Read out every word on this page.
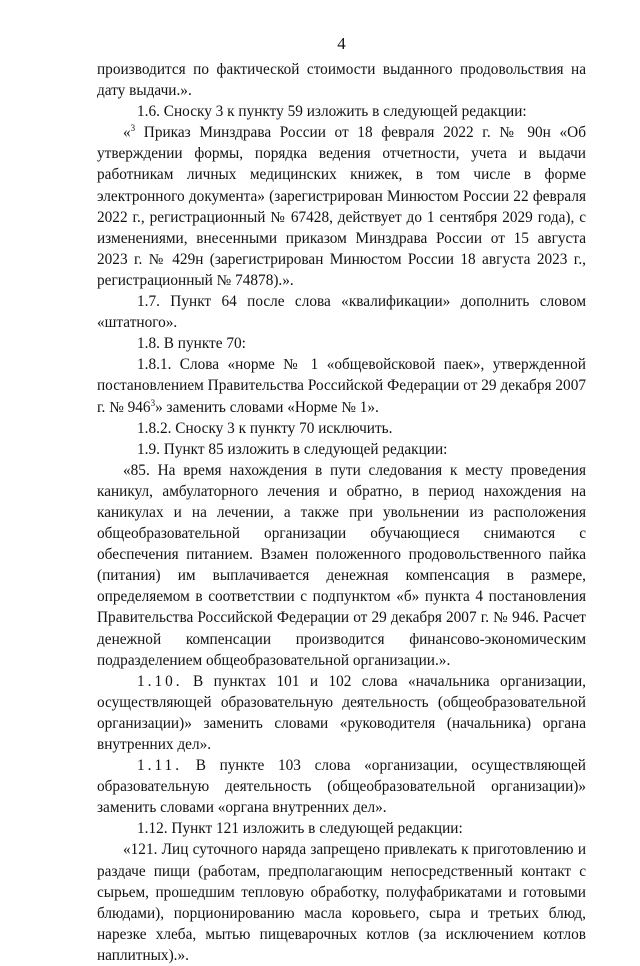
4

производится по фактической стоимости выданного продовольствия на дату выдачи.».

1.6. Сноску 3 к пункту 59 изложить в следующей редакции:

«$^3$ Приказ Минздрава России от 18 февраля 2022 г. № 90н «Об утверждении формы, порядка ведения отчетности, учета и выдачи работникам личных медицинских книжек, в том числе в форме электронного документа» (зарегистрирован Минюстом России 22 февраля 2022 г., регистрационный № 67428, действует до 1 сентября 2029 года), с изменениями, внесенными приказом Минздрава России от 15 августа 2023 г. № 429н (зарегистрирован Минюстом России 18 августа 2023 г., регистрационный № 74878).».

1.7. Пункт 64 после слова «квалификации» дополнить словом «штатного».

1.8. В пункте 70:

1.8.1. Слова «норме № 1 «общевойсковой паек», утвержденной постановлением Правительства Российской Федерации от 29 декабря 2007 г. № $946^3$» заменить словами «Норме № 1».

1.8.2. Сноску 3 к пункту 70 исключить.

1.9. Пункт 85 изложить в следующей редакции:

«85. На время нахождения в пути следования к месту проведения каникул, амбулаторного лечения и обратно, в период нахождения на каникулах и на лечении, а также при увольнении из расположения общеобразовательной организации обучающиеся снимаются с обеспечения питанием. Взамен положенного продовольственного пайка (питания) им выплачивается денежная компенсация в размере, определяемом в соответствии с подпунктом «б» пункта 4 постановления Правительства Российской Федерации от 29 декабря 2007 г. № 946. Расчет денежной компенсации производится финансово-экономическим подразделением общеобразовательной организации.».

1.10. В пунктах 101 и 102 слова «начальника организации, осуществляющей образовательную деятельность (общеобразовательной организации)» заменить словами «руководителя (начальника) органа внутренних дел».

1.11. В пункте 103 слова «организации, осуществляющей образовательную деятельность (общеобразовательной организации)» заменить словами «органа внутренних дел».

1.12. Пункт 121 изложить в следующей редакции:

«121. Лиц суточного наряда запрещено привлекать к приготовлению и раздаче пищи (работам, предполагающим непосредственный контакт с сырьем, прошедшим тепловую обработку, полуфабрикатами и готовыми блюдами), порционированию масла коровьего, сыра и третьих блюд, нарезке хлеба, мытью пищеварочных котлов (за исключением котлов наплитных).».
